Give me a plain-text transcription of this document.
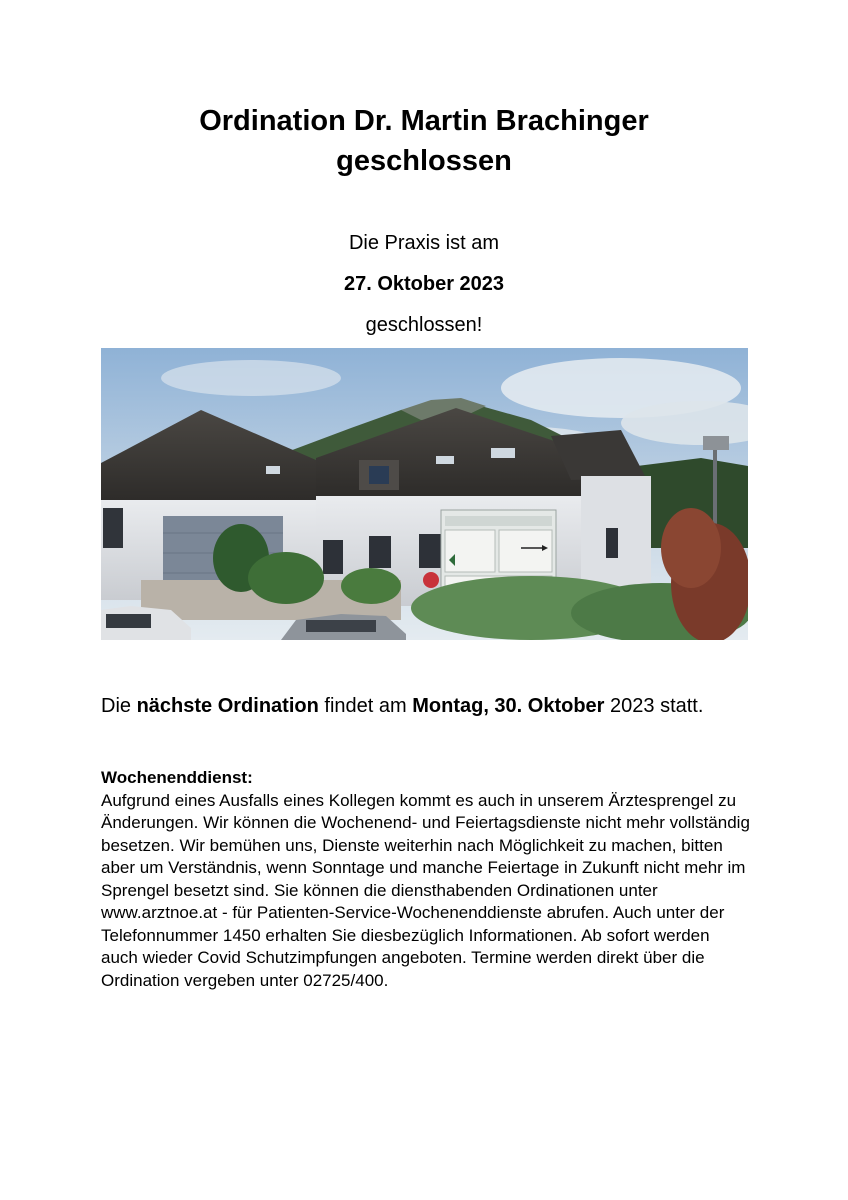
Ordination Dr. Martin Brachinger
geschlossen
Die Praxis ist am
27. Oktober 2023
geschlossen!

Die nächste Ordination findet am Montag, 30. Oktober 2023 statt.

Wochenenddienst:

Aufgrund eines Ausfalls eines Kollegen kommt es auch in unserem Ärztesprengel zu Änderungen. Wir können die Wochenend- und Feiertagsdienste nicht mehr vollständig besetzen. Wir bemühen uns, Dienste weiterhin nach Möglichkeit zu machen, bitten aber um Verständnis, wenn Sonntage und manche Feiertage in Zukunft nicht mehr im Sprengel besetzt sind. Sie können die diensthabenden Ordinationen unter www.arztnoe.at - für Patienten-Service-Wochenenddienste abrufen. Auch unter der Telefonnummer 1450 erhalten Sie diesbezüglich Informationen. Ab sofort werden auch wieder Covid Schutzimpfungen angeboten. Termine werden direkt über die Ordination vergeben unter 02725/400.
